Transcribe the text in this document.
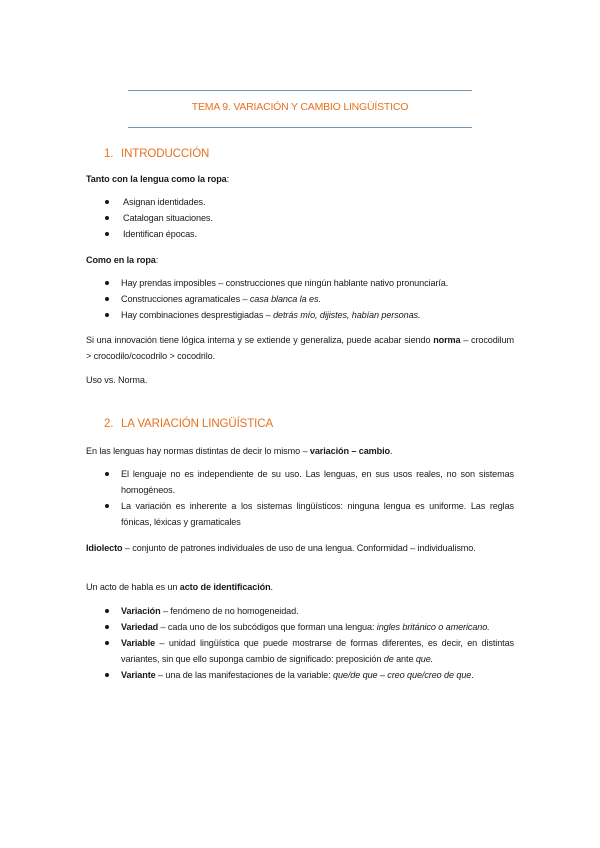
TEMA 9. VARIACIÓN Y CAMBIO LINGÜÍSTICO
1. INTRODUCCIÓN
Tanto con la lengua como la ropa:
Asignan identidades.
Catalogan situaciones.
Identifican épocas.
Como en la ropa:
Hay prendas imposibles – construcciones que ningún hablante nativo pronunciaría.
Construcciones agramaticales – casa blanca la es.
Hay combinaciones desprestigiadas – detrás mío, dijistes, habían personas.
Si una innovación tiene lógica interna y se extiende y generaliza, puede acabar siendo norma – crocodilum > crocodilo/cocodrilo > cocodrilo.
Uso vs. Norma.
2. LA VARIACIÓN LINGÜÍSTICA
En las lenguas hay normas distintas de decir lo mismo – variación – cambio.
El lenguaje no es independiente de su uso. Las lenguas, en sus usos reales, no son sistemas homogéneos.
La variación es inherente a los sistemas lingüísticos: ninguna lengua es uniforme. Las reglas fónicas, léxicas y gramaticales
Idiolecto – conjunto de patrones individuales de uso de una lengua. Conformidad – individualismo.
Un acto de habla es un acto de identificación.
Variación – fenómeno de no homogeneidad.
Variedad – cada uno de los subcódigos que forman una lengua: ingles británico o americano.
Variable – unidad lingüística que puede mostrarse de formas diferentes, es decir, en distintas variantes, sin que ello suponga cambio de significado: preposición de ante que.
Variante – una de las manifestaciones de la variable: que/de que – creo que/creo de que.
